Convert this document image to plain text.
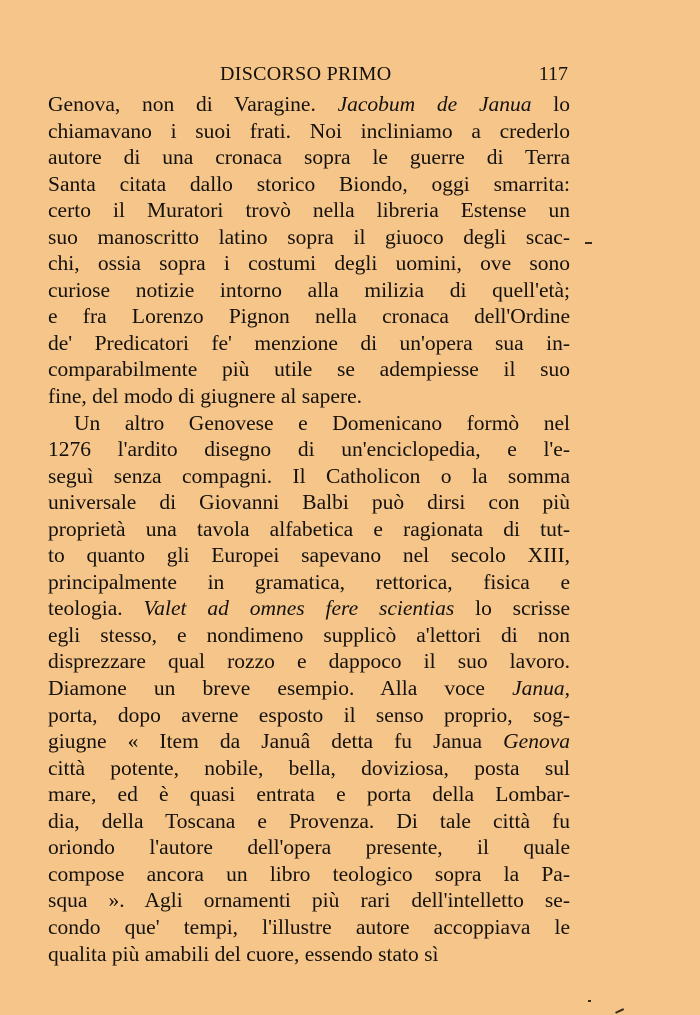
DISCORSO PRIMO	117
Genova, non di Varagine. Jacobum de Janua lo
chiamavano i suoi frati. Noi incliniamo a crederlo
autore di una cronaca sopra le guerre di Terra
Santa citata dallo storico Biondo, oggi smarrita:
certo il Muratori trovò nella libreria Estense un
suo manoscritto latino sopra il giuoco degli scac-
chi, ossia sopra i costumi degli uomini, ove sono
curiose notizie intorno alla milizia di quell'età;
e fra Lorenzo Pignon nella cronaca dell'Ordine
de' Predicatori fe' menzione di un'opera sua in-
comparabilmente più utile se adempiesse il suo
fine, del modo di giugnere al sapere.
Un altro Genovese e Domenicano formò nel
1276 l'ardito disegno di un'enciclopedia, e l'e-
seguì senza compagni. Il Catholicon o la somma
universale di Giovanni Balbi può dirsi con più
proprietà una tavola alfabetica e ragionata di tut-
to quanto gli Europei sapevano nel secolo XIII,
principalmente in gramatica, rettorica, fisica e
teologia. Valet ad omnes fere scientias lo scrisse
egli stesso, e nondimeno supplicò a'lettori di non
disprezzare qual rozzo e dappoco il suo lavoro.
Diamone un breve esempio. Alla voce Janua,
porta, dopo averne esposto il senso proprio, sog-
giugne « Item da Januâ detta fu Janua Genova
città potente, nobile, bella, doviziosa, posta sul
mare, ed è quasi entrata e porta della Lombar-
dia, della Toscana e Provenza. Di tale città fu
oriondo l'autore dell'opera presente, il quale
compose ancora un libro teologico sopra la Pa-
squa ». Agli ornamenti più rari dell'intelletto se-
condo que' tempi, l'illustre autore accoppiava le
qualita più amabili del cuore, essendo stato sì
